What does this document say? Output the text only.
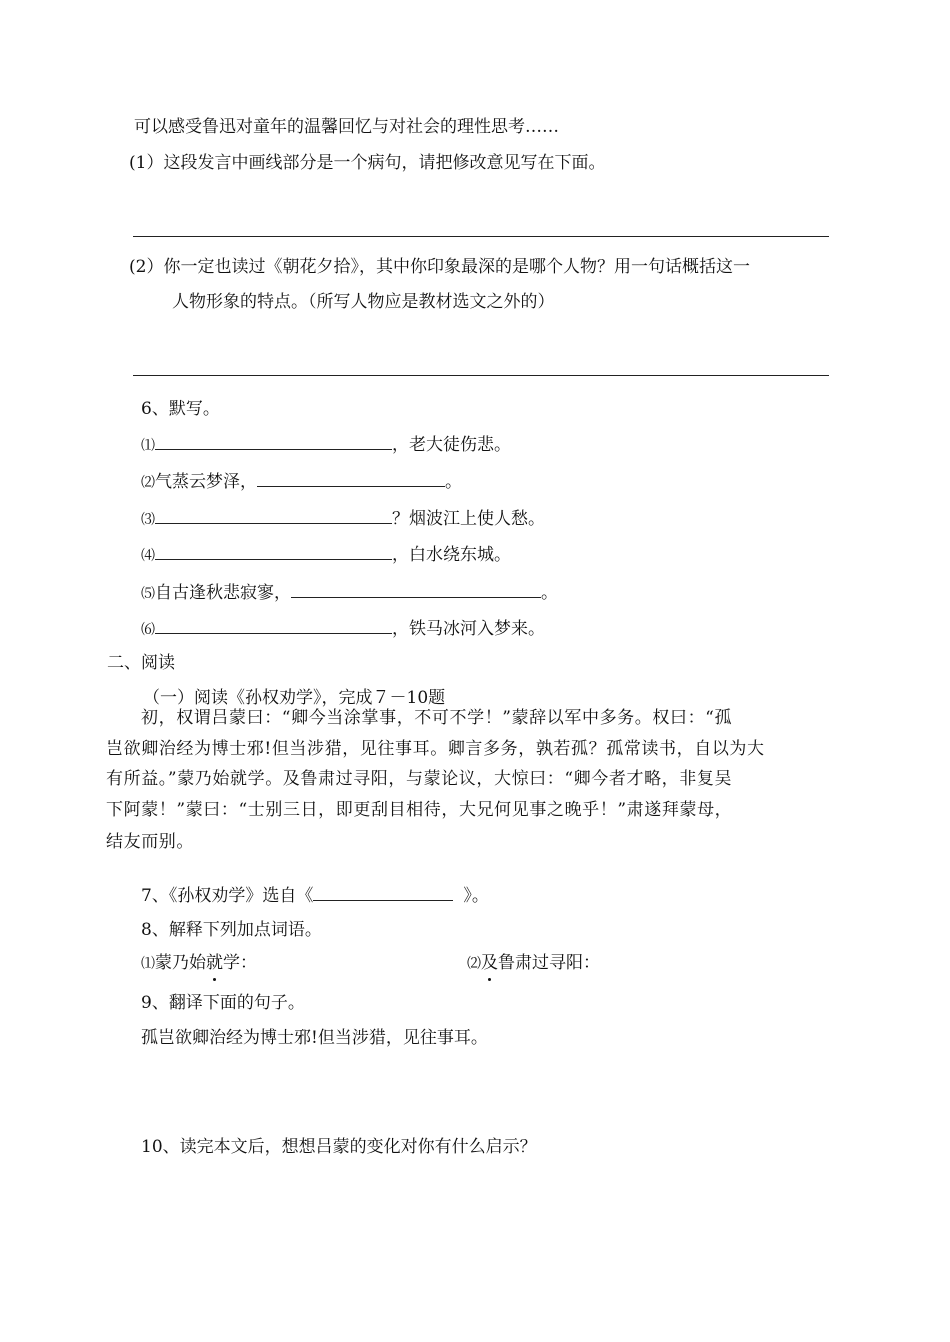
可以感受鲁迅对童年的温馨回忆与对社会的理性思考……
(1）这段发言中画线部分是一个病句，请把修改意见写在下面。
(2）你一定也读过《朝花夕拾》，其中你印象最深的是哪个人物？用一句话概括这一
人物形象的特点。（所写人物应是教材选文之外的）
6、默写。
⑴	，老大徒伤悲。
⑵气蒸云梦泽，	。
⑶	？烟波江上使人愁。
⑷	，白水绕东城。
⑸自古逢秋悲寂寥，	。
⑹	，铁马冰河入梦来。
二、阅读
（一）阅读《孙权劝学》，完成７－10题
初，权谓吕蒙曰：“卿今当涂掌事，不可不学！”蒙辞以军中多务。权曰：“孤
岂欲卿治经为博士邪!但当涉猎，见往事耳。卿言多务，孰若孤？孤常读书，自以为大
有所益。”蒙乃始就学。及鲁肃过寻阳，与蒙论议，大惊曰：“卿今者才略，非复吴
下阿蒙！”蒙曰：“士别三日，即更刮目相待，大兄何见事之晚乎！”肃遂拜蒙母，
结友而别。
7、《孙权劝学》选自《	》。
8、解释下列加点词语。
⑴蒙乃始就学：	⑵及鲁肃过寻阳：
9、翻译下面的句子。
孤岂欲卿治经为博士邪!但当涉猎，见往事耳。
10、读完本文后，想想吕蒙的变化对你有什么启示？
